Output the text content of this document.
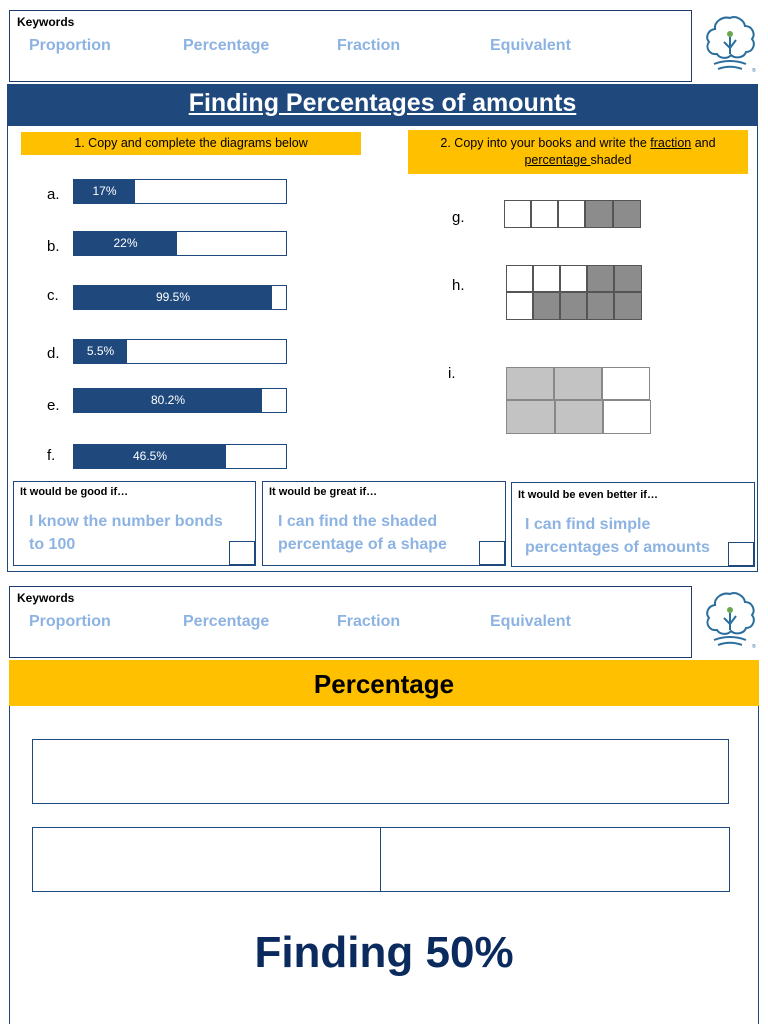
Keywords
Proportion	Percentage	Fraction	Equivalent
®
Finding Percentages of amounts
1. Copy and complete the diagrams below	2. Copy into your books and write the fraction and
percentage shaded
a.	17%
b.	22%
c.	99.5%
d.	5.5%
e.	80.2%
f.	46.5%
g.
h.
i.
It would be good if…
I know the number bonds
to 100
It would be great if…
I can find the shaded
percentage of a shape
It would be even better if…
I can find simple
percentages of amounts
Keywords
Proportion	Percentage	Fraction	Equivalent
®
Percentage
Finding 50%
